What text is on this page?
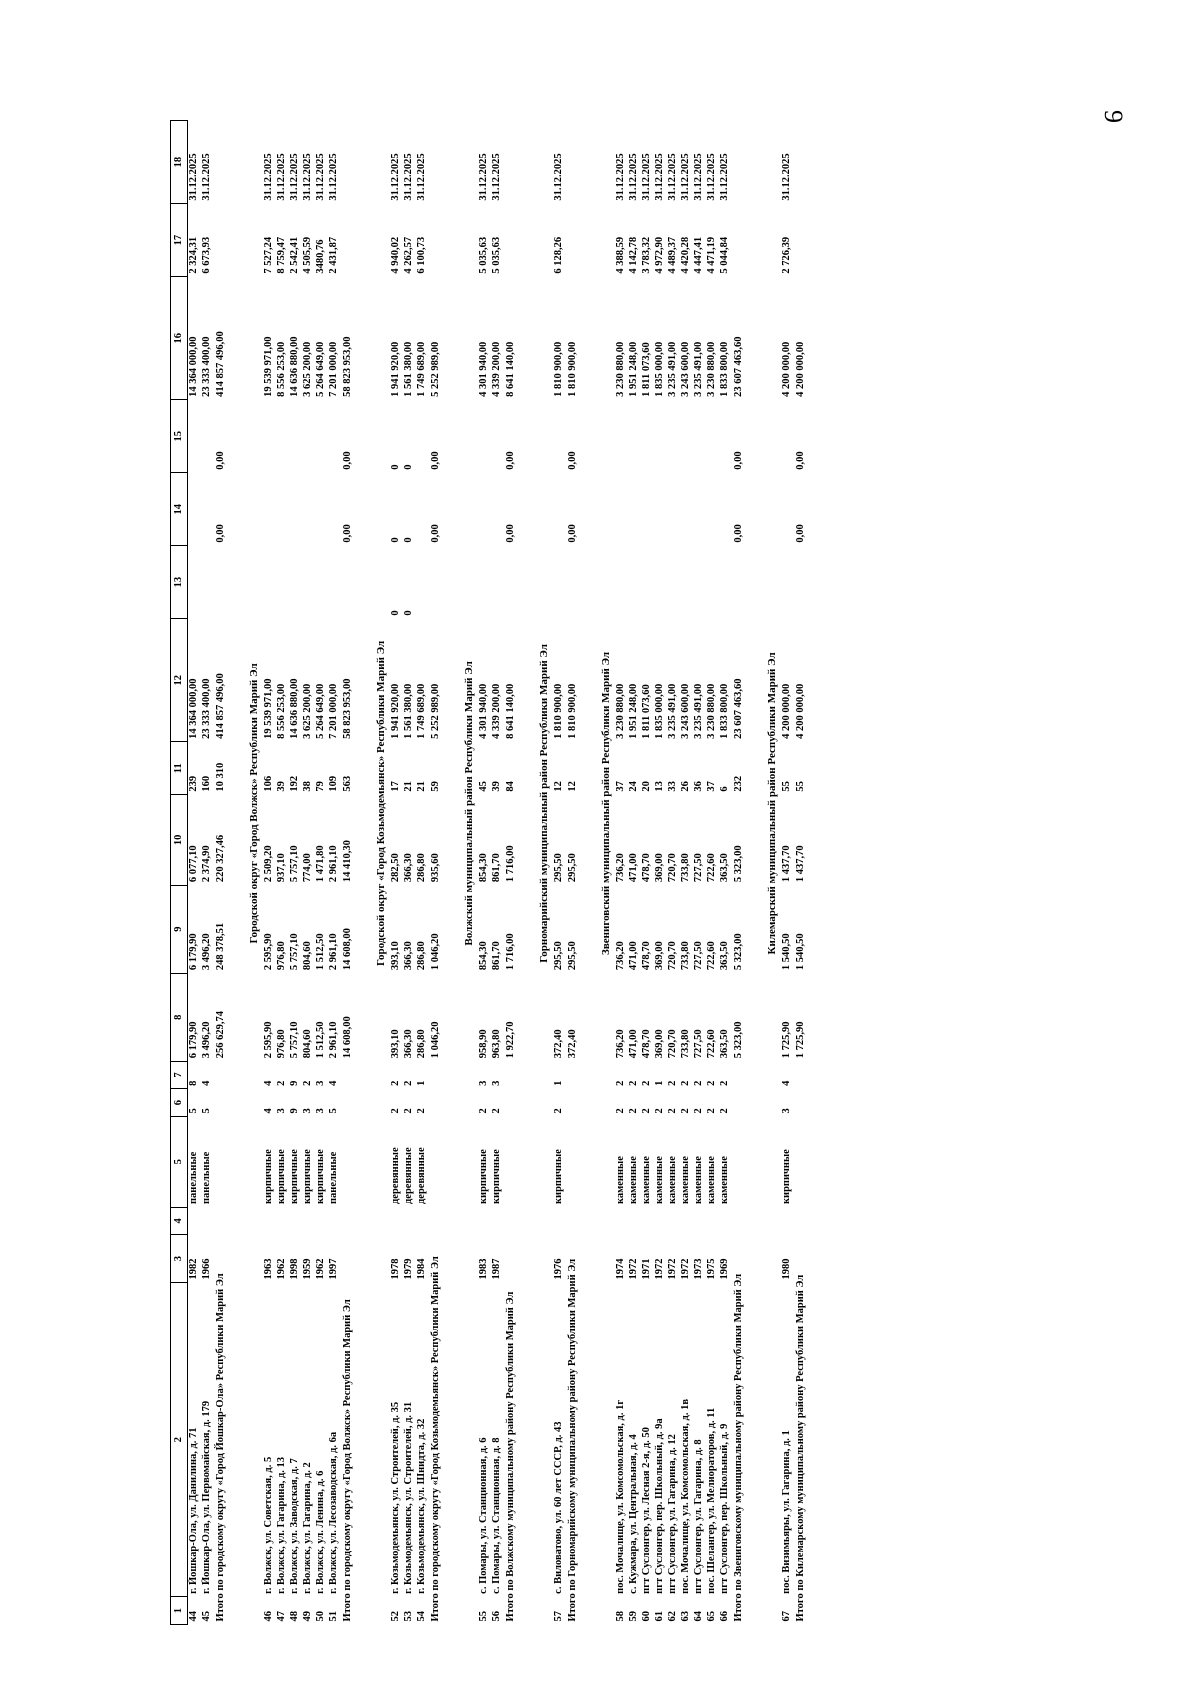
9
1	2	3	4	5	6	7	8	9	10	11	12	13	14	15	16	17	18
44	г. Йошкар-Ола, ул. Данилина, д. 71	1982		панельные	5	8	6 179,90	6 179,90	6 077,10	239	14 364 000,00				14 364 000,00	2 324,31	31.12.2025
45	г. Йошкар-Ола, ул. Первомайская, д. 179	1966		панельные	5	4	3 496,20	3 496,20	2 374,90	160	23 333 400,00				23 333 400,00	6 673,93	31.12.2025
Итого по городскому округу «Город Йошкар-Ола» Республики Марий Эл							256 629,74	248 378,51	220 327,46	10 310	414 857 496,00		0,00	0,00	414 857 496,00		

							Городской округ «Город Волжск» Республики Марий Эл										
46	г. Волжск, ул. Советская, д. 5	1963		кирпичные	4	4	2 595,90	2 595,90	2 509,20	106	19 539 971,00				19 539 971,00	7 527,24	31.12.2025
47	г. Волжск, ул. Гагарина, д. 13	1962		кирпичные	3	2	976,80	976,80	937,10	39	8 556 253,00				8 556 253,00	8 759,47	31.12.2025
48	г. Волжск, ул. Заводская, д. 7	1998		кирпичные	9	9	5 757,10	5 757,10	5 757,10	192	14 636 880,00				14 636 880,00	2 542,41	31.12.2025
49	г. Волжск, ул. Гагарина, д. 2	1959		кирпичные	3	2	804,60	804,60	774,00	38	3 625 200,00				3 625 200,00	4 505,59	31.12.2025
50	г. Волжск, ул. Ленина, д. 6	1962		кирпичные	3	3	1 512,50	1 512,50	1 471,80	79	5 264 649,00				5 264 649,00	3480,76	31.12.2025
51	г. Волжск, ул. Лесозаводская, д. 6а	1997		панельные	5	4	2 961,10	2 961,10	2 961,10	109	7 201 000,00				7 201 000,00	2 431,87	31.12.2025
Итого по городскому округу «Город Волжск» Республики Марий Эл							14 608,00	14 608,00	14 410,30	563	58 823 953,00		0,00	0,00	58 823 953,00		

							Городской округ «Город Козьмодемьянск» Республики Марий Эл										
52	г. Козьмодемьянск, ул. Строителей, д. 35	1978		деревянные	2	2	393,10	393,10	282,50	17	1 941 920,00	0	0	0	1 941 920,00	4 940,02	31.12.2025
53	г. Козьмодемьянск, ул. Строителей, д. 31	1979		деревянные	2	2	366,30	366,30	366,30	21	1 561 380,00	0	0	0	1 561 380,00	4 262,57	31.12.2025
54	г. Козьмодемьянск, ул. Шнидта, д. 32	1984		деревянные	2	1	286,80	286,80	286,80	21	1 749 689,00				1 749 689,00	6 100,73	31.12.2025
Итого по городскому округу «Город Козьмодемьянск» Республики Марий Эл							1 046,20	1 046,20	935,60	59	5 252 989,00		0,00	0,00	5 252 989,00		

							Волжский муниципальный район Республики Марий Эл										
55	с. Помары, ул. Станционная, д. 6	1983		кирпичные	2	3	958,90	854,30	854,30	45	4 301 940,00				4 301 940,00	5 035,63	31.12.2025
56	с. Помары, ул. Станционная, д. 8	1987		кирпичные	2	3	963,80	861,70	861,70	39	4 339 200,00				4 339 200,00	5 035,63	31.12.2025
Итого по Волжскому муниципальному району Республики Марий Эл							1 922,70	1 716,00	1 716,00	84	8 641 140,00		0,00	0,00	8 641 140,00		

							Горномарийский муниципальный район Республики Марий Эл										
57	с. Виловатово, ул. 60 лет СССР, д. 43	1976		кирпичные	2	1	372,40	295,50	295,50	12	1 810 900,00				1 810 900,00	6 128,26	31.12.2025
Итого по Горномарийскому муниципальному району Республики Марий Эл							372,40	295,50	295,50	12	1 810 900,00		0,00	0,00	1 810 900,00		

							Звениговский муниципальный район Республики Марий Эл										
58	пос. Мочалище, ул. Комсомольская, д. 1г	1974		каменные	2	2	736,20	736,20	736,20	37	3 230 880,00				3 230 880,00	4 388,59	31.12.2025
59	с. Кужмара, ул. Центральная, д. 4	1972		каменные	2	2	471,00	471,00	471,00	24	1 951 248,00				1 951 248,00	4 142,78	31.12.2025
60	пгт Суслонгер, ул. Лесная 2-я, д. 50	1971		каменные	2	2	478,70	478,70	478,70	20	1 811 073,60				1 811 073,60	3 783,32	31.12.2025
61	пгт Суслонгер, пер. Школьный, д. 9а	1972		каменные	2	1	369,00	369,00	369,00	13	1 835 000,00				1 835 000,00	4 972,90	31.12.2025
62	пгт Суслонгер, ул. Гагарина, д. 12	1972		каменные	2	2	720,70	720,70	720,70	33	3 235 491,00				3 235 491,00	4 489,37	31.12.2025
63	пос. Мочалище, ул. Комсомольская, д. 1в	1972		каменные	2	2	733,80	733,80	733,80	26	3 243 600,00				3 243 600,00	4 420,28	31.12.2025
64	пгт Суслонгер, ул. Гагарина, д. 8	1973		каменные	2	2	727,50	727,50	727,50	36	3 235 491,00				3 235 491,00	4 447,41	31.12.2025
65	пос. Шелангер, ул. Мелиораторов, д. 11	1975		каменные	2	2	722,60	722,60	722,60	37	3 230 880,00				3 230 880,00	4 471,19	31.12.2025
66	пгт Суслонгер, пер. Школьный, д. 9	1969		каменные	2	2	363,50	363,50	363,50	6	1 833 800,00				1 833 800,00	5 044,84	31.12.2025
Итого по Звениговскому муниципальному району Республики Марий Эл							5 323,00	5 323,00	5 323,00	232	23 607 463,60		0,00	0,00	23 607 463,60		

							Килемарский муниципальный район Республики Марий Эл										
67	пос. Визимьяры, ул. Гагарина, д. 1	1980		кирпичные	3	4	1 725,90	1 540,50	1 437,70	55	4 200 000,00				4 200 000,00	2 726,39	31.12.2025
Итого по Килемарскому муниципальному району Республики Марий Эл							1 725,90	1 540,50	1 437,70	55	4 200 000,00		0,00	0,00	4 200 000,00		
